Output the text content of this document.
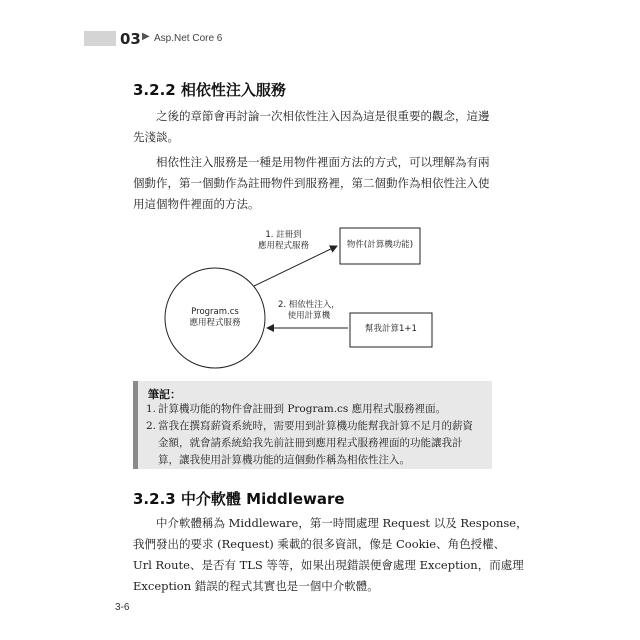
03 ▶ Asp.Net Core 6
3.2.2 相依性注入服務
之後的章節會再討論一次相依性注入因為這是很重要的觀念，這邊
先淺談。
相依性注入服務是一種是用物件裡面方法的方式，可以理解為有兩
個動作，第一個動作為註冊物件到服務裡，第二個動作為相依性注入使
用這個物件裡面的方法。
1. 註冊到
應用程式服務	物件(計算機功能)
Program.cs
應用程式服務
2. 相依性注入，
使用計算機
幫我計算1+1
筆記：
1. 計算機功能的物件會註冊到 Program.cs 應用程式服務裡面。
2. 當我在撰寫薪資系統時，需要用到計算機功能幫我計算不足月的薪資
金額，就會請系統給我先前註冊到應用程式服務裡面的功能讓我計
算，讓我使用計算機功能的這個動作稱為相依性注入。
3.2.3 中介軟體 Middleware
中介軟體稱為 Middleware，第一時間處理 Request 以及 Response，
我們發出的要求 (Request) 乘載的很多資訊，像是 Cookie、角色授權、
Url Route、是否有 TLS 等等，如果出現錯誤便會處理 Exception，而處理
Exception 錯誤的程式其實也是一個中介軟體。
3-6
